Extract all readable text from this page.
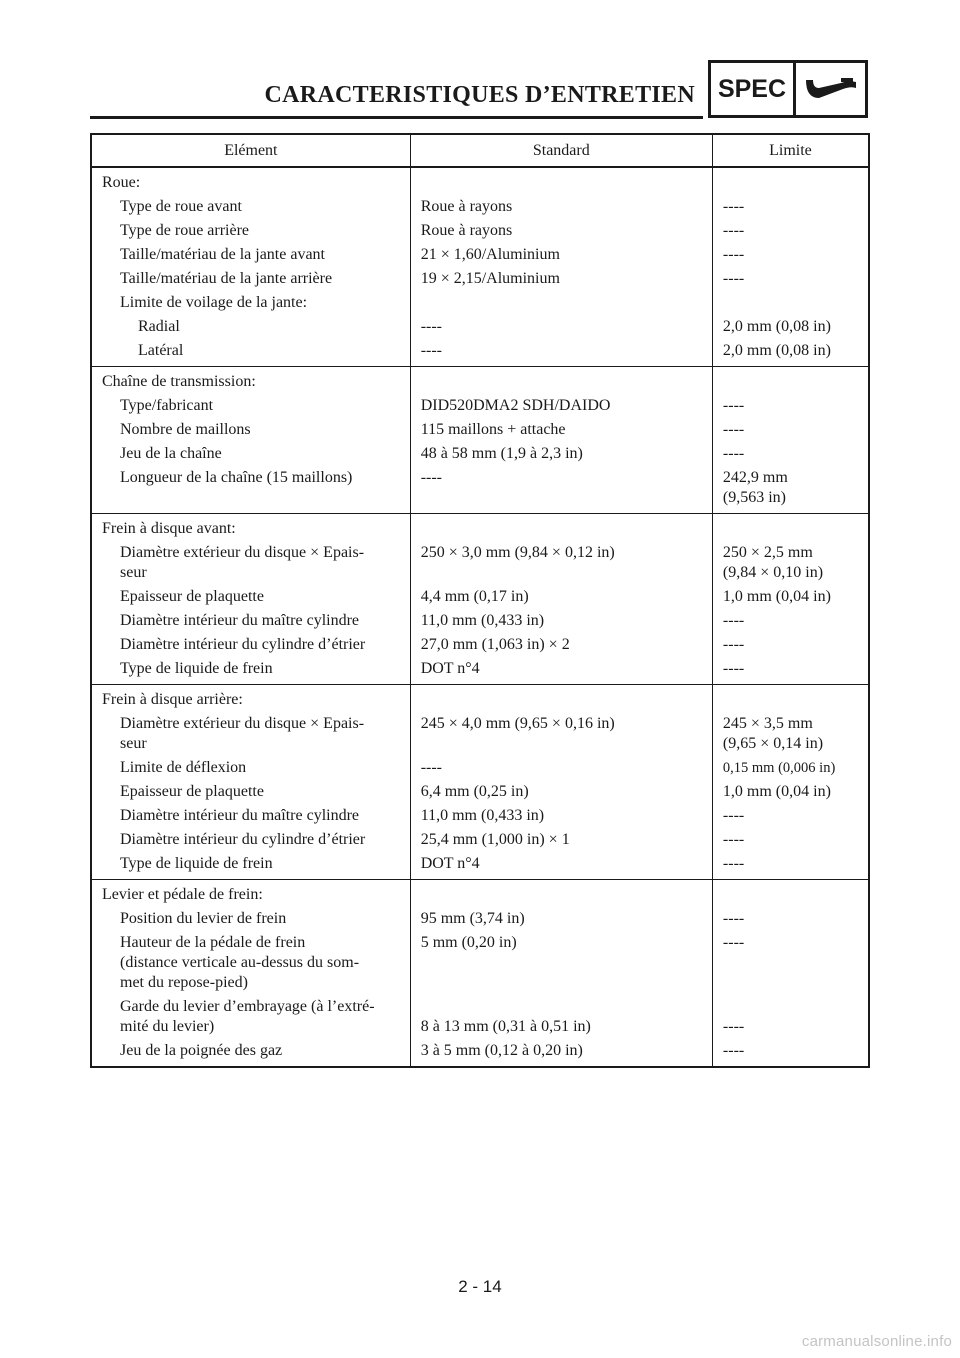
CARACTERISTIQUES D’ENTRETIEN SPEC
Elément	Standard	Limite
Roue:		
Type de roue avant	Roue à rayons	----
Type de roue arrière	Roue à rayons	----
Taille/matériau de la jante avant	21 × 1,60/Aluminium	----
Taille/matériau de la jante arrière	19 × 2,15/Aluminium	----
Limite de voilage de la jante:		
Radial	----	2,0 mm (0,08 in)
Latéral	----	2,0 mm (0,08 in)
Chaîne de transmission:		
Type/fabricant	DID520DMA2 SDH/DAIDO	----
Nombre de maillons	115 maillons + attache	----
Jeu de la chaîne	48 à 58 mm (1,9 à 2,3 in)	----
Longueur de la chaîne (15 maillons)	----	242,9 mm
(9,563 in)
Frein à disque avant:		
Diamètre extérieur du disque × Epais-
seur	250 × 3,0 mm (9,84 × 0,12 in)	250 × 2,5 mm
(9,84 × 0,10 in)
Epaisseur de plaquette	4,4 mm (0,17 in)	1,0 mm (0,04 in)
Diamètre intérieur du maître cylindre	11,0 mm (0,433 in)	----
Diamètre intérieur du cylindre d’étrier	27,0 mm (1,063 in) × 2	----
Type de liquide de frein	DOT n°4	----
Frein à disque arrière:		
Diamètre extérieur du disque × Epais-
seur	245 × 4,0 mm (9,65 × 0,16 in)	245 × 3,5 mm
(9,65 × 0,14 in)
Limite de déflexion	----	0,15 mm (0,006 in)
Epaisseur de plaquette	6,4 mm (0,25 in)	1,0 mm (0,04 in)
Diamètre intérieur du maître cylindre	11,0 mm (0,433 in)	----
Diamètre intérieur du cylindre d’étrier	25,4 mm (1,000 in) × 1	----
Type de liquide de frein	DOT n°4	----
Levier et pédale de frein:		
Position du levier de frein	95 mm (3,74 in)	----
Hauteur de la pédale de frein
(distance verticale au-dessus du som-
met du repose-pied)	5 mm (0,20 in)	----
Garde du levier d’embrayage (à l’extré-
mité du levier)	8 à 13 mm (0,31 à 0,51 in)	----
Jeu de la poignée des gaz	3 à 5 mm (0,12 à 0,20 in)	----
2 - 14
carmanualsonline.info
